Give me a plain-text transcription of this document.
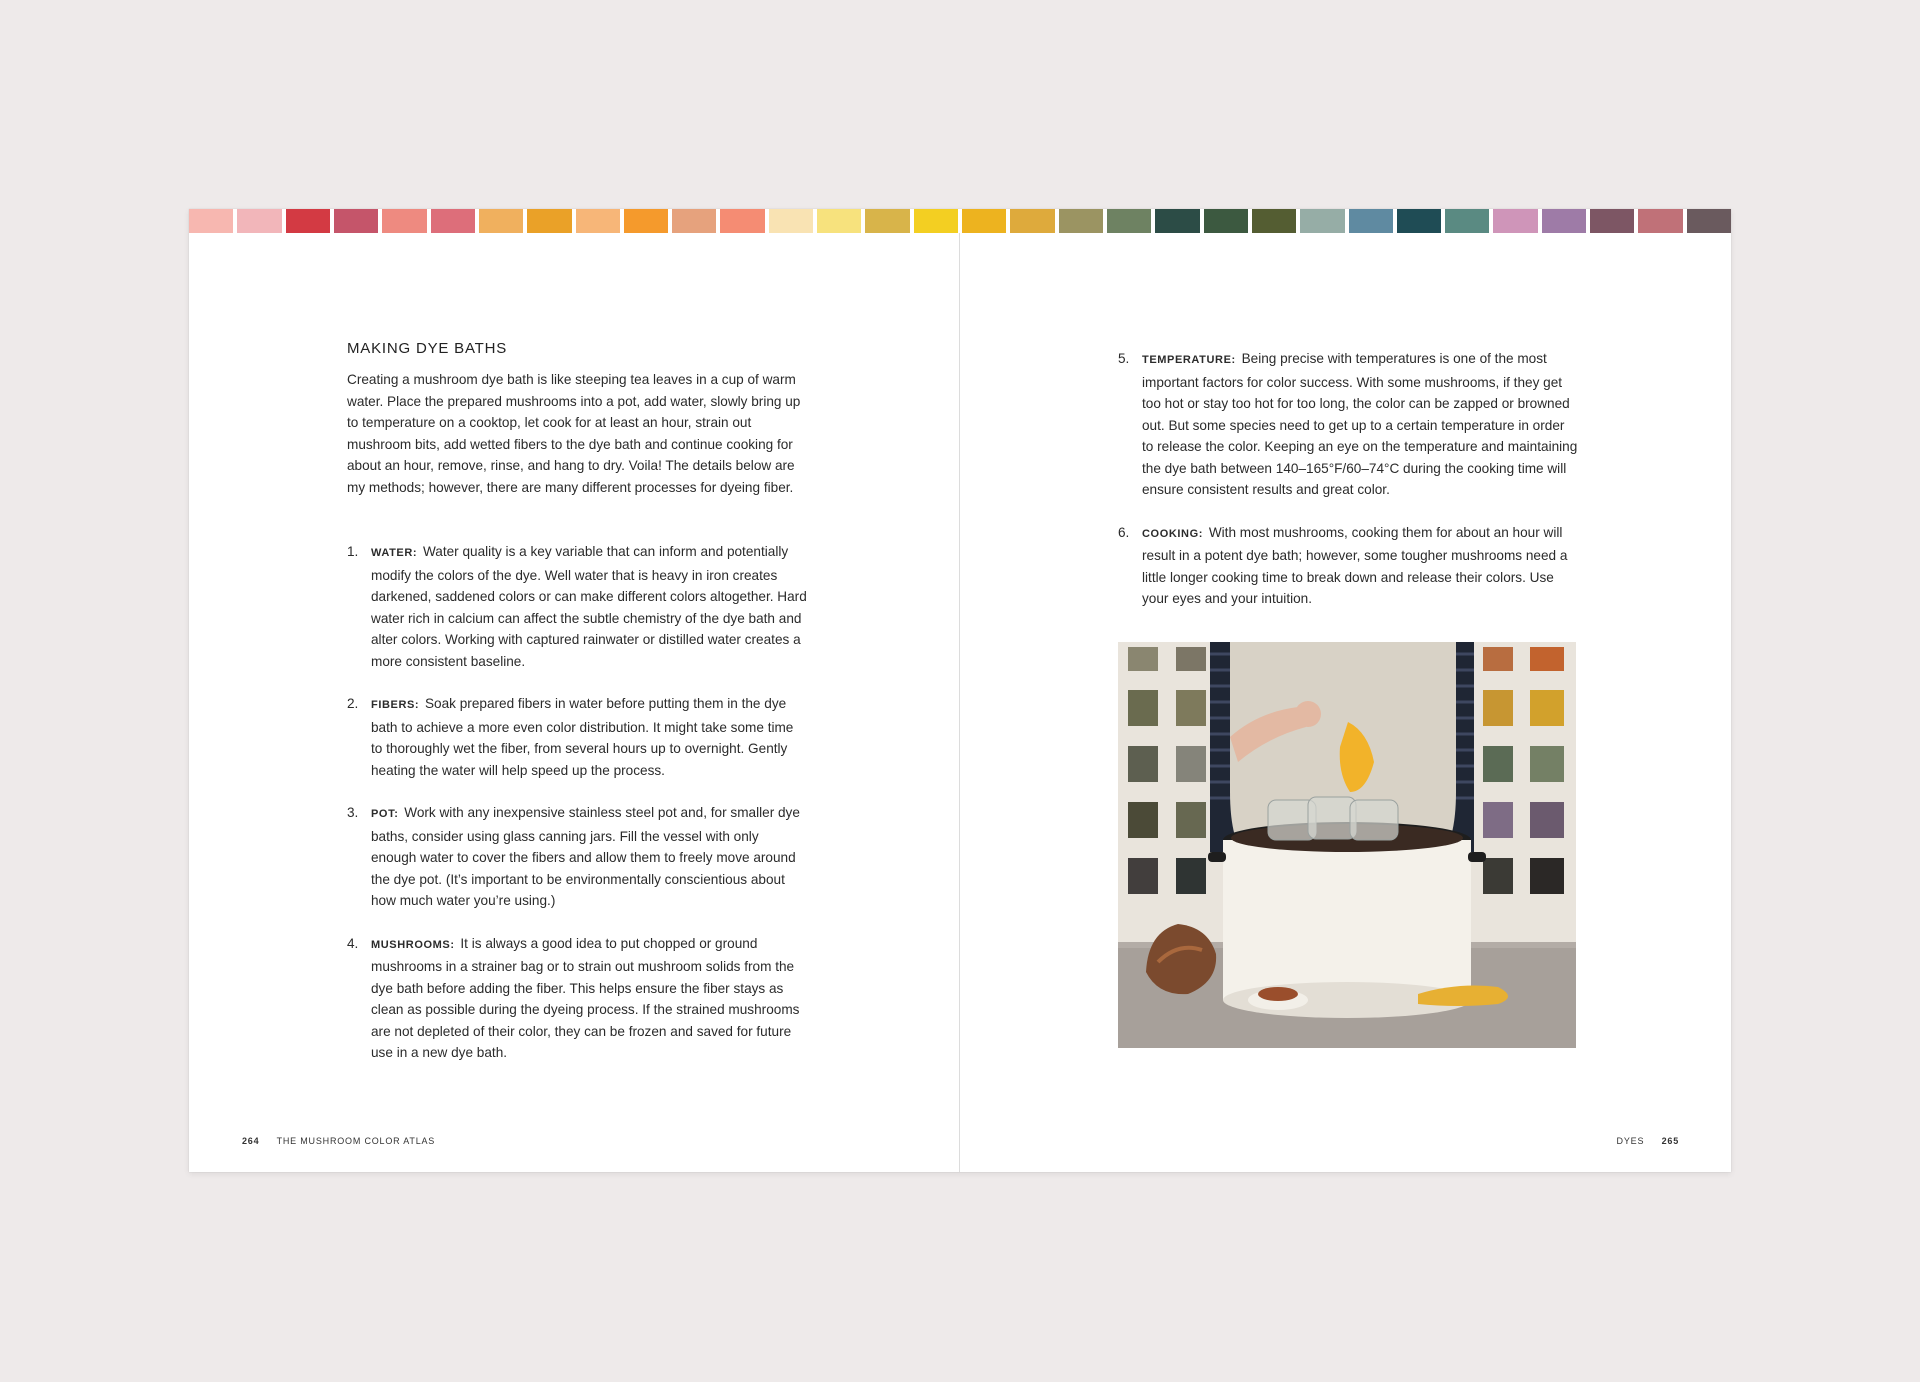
MAKING DYE BATHS
Creating a mushroom dye bath is like steeping tea leaves in a cup of warm water. Place the prepared mushrooms into a pot, add water, slowly bring up to temperature on a cooktop, let cook for at least an hour, strain out mushroom bits, add wetted fibers to the dye bath and continue cooking for about an hour, remove, rinse, and hang to dry. Voila! The details below are my methods; however, there are many different processes for dyeing fiber.
1. WATER: Water quality is a key variable that can inform and potentially modify the colors of the dye. Well water that is heavy in iron creates darkened, saddened colors or can make different colors altogether. Hard water rich in calcium can affect the subtle chemistry of the dye bath and alter colors. Working with captured rainwater or distilled water creates a more consistent baseline.
2. FIBERS: Soak prepared fibers in water before putting them in the dye bath to achieve a more even color distribution. It might take some time to thoroughly wet the fiber, from several hours up to overnight. Gently heating the water will help speed up the process.
3. POT: Work with any inexpensive stainless steel pot and, for smaller dye baths, consider using glass canning jars. Fill the vessel with only enough water to cover the fibers and allow them to freely move around the dye pot. (It’s important to be environmentally conscientious about how much water you’re using.)
4. MUSHROOMS: It is always a good idea to put chopped or ground mushrooms in a strainer bag or to strain out mushroom solids from the dye bath before adding the fiber. This helps ensure the fiber stays as clean as possible during the dyeing process. If the strained mushrooms are not depleted of their color, they can be frozen and saved for future use in a new dye bath.
264 THE MUSHROOM COLOR ATLAS
5. TEMPERATURE: Being precise with temperatures is one of the most important factors for color success. With some mushrooms, if they get too hot or stay too hot for too long, the color can be zapped or browned out. But some species need to get up to a certain temperature in order to release the color. Keeping an eye on the temperature and maintaining the dye bath between 140–165°F/60–74°C during the cooking time will ensure consistent results and great color.
6. COOKING: With most mushrooms, cooking them for about an hour will result in a potent dye bath; however, some tougher mushrooms need a little longer cooking time to break down and release their colors. Use your eyes and your intuition.
DYES 265
